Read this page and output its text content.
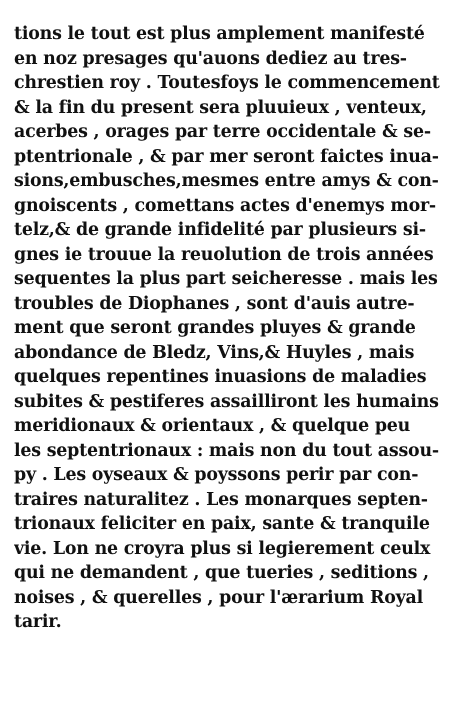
tions le tout est plus amplement manifesté
en noz presages qu'auons dediez au tres-
chrestien roy . Toutesfoys le commencement
& la fin du present sera pluuieux , venteux,
acerbes , orages par terre occidentale & se-
ptentrionale , & par mer seront faictes inua-
sions,embusches,mesmes entre amys & con-
gnoiscents , comettans actes d'enemys mor-
telz,& de grande infidelité par plusieurs si-
gnes ie trouue la reuolution de trois années
sequentes la plus part seicheresse . mais les
troubles de Diophanes , sont d'auis autre-
ment que seront grandes pluyes & grande
abondance de Bledz, Vins,& Huyles , mais
quelques repentines inuasions de maladies
subites & pestiferes assailliront les humains
meridionaux & orientaux , & quelque peu
les septentrionaux : mais non du tout assou-
py . Les oyseaux & poyssons perir par con-
traires naturalitez . Les monarques septen-
trionaux feliciter en paix, sante & tranquile
vie. Lon ne croyra plus si legierement ceulx
qui ne demandent , que tueries , seditions ,
noises , & querelles , pour l'ærarium Royal
tarir.
